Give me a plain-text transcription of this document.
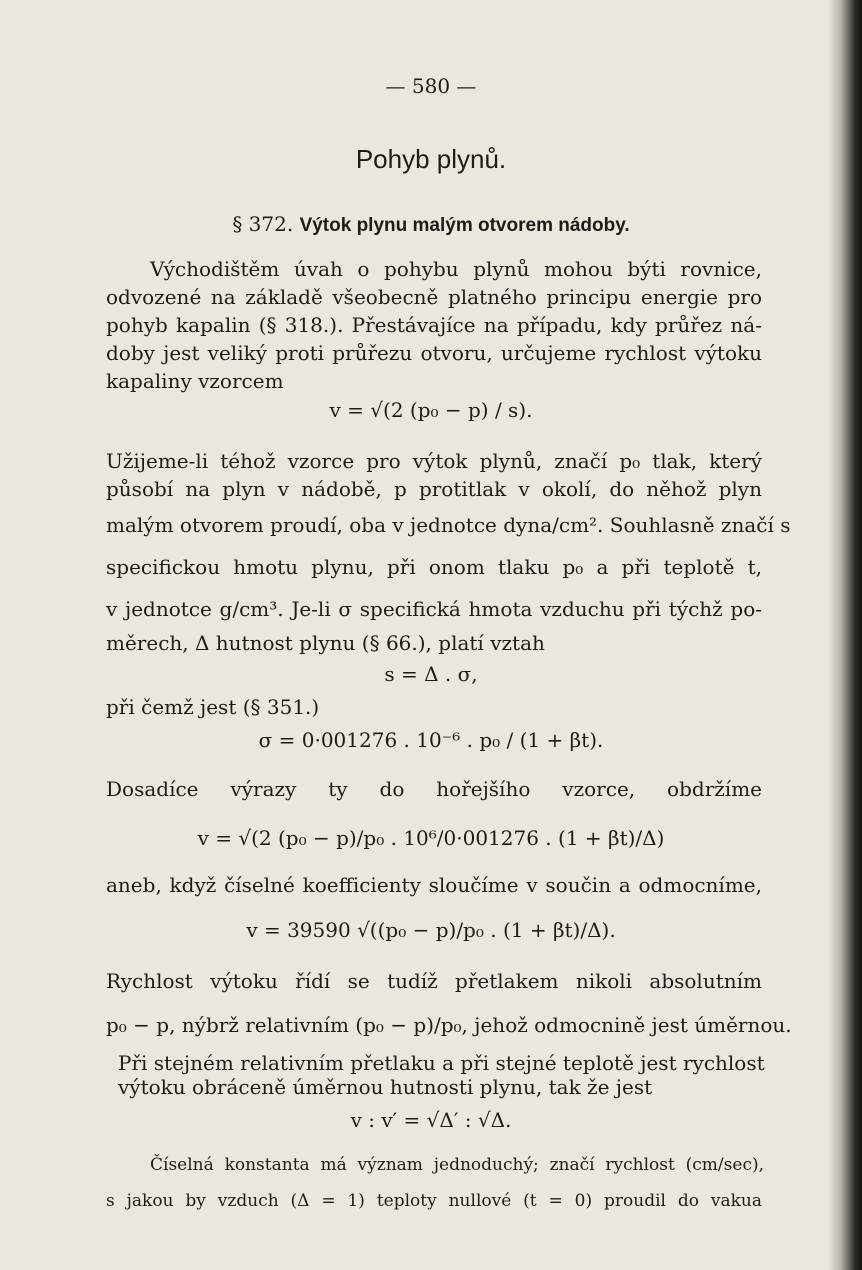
— 580 —
Pohyb plynů.
§ 372. Výtok plynu malým otvorem nádoby.
Východištěm úvah o pohybu plynů mohou býti rovnice,
odvozené na základě všeobecně platného principu energie pro
pohyb kapalin (§ 318.). Přestávajíce na případu, kdy průřez ná-
doby jest veliký proti průřezu otvoru, určujeme rychlost výtoku
kapaliny vzorcem
v = √(2 (p₀ − p) / s).
Užijeme-li téhož vzorce pro výtok plynů, značí p₀ tlak, který
působí na plyn v nádobě, p protitlak v okolí, do něhož plyn
malým otvorem proudí, oba v jednotce dyna/cm². Souhlasně značí s
specifickou hmotu plynu, při onom tlaku p₀ a při teplotě t,
v jednotce g/cm³. Je-li σ specifická hmota vzduchu při týchž po-
měrech, Δ hutnost plynu (§ 66.), platí vztah
s = Δ . σ,
při čemž jest (§ 351.)
σ = 0·001276 . 10⁻⁶ . p₀ / (1 + βt).
Dosadíce výrazy ty do hořejšího vzorce, obdržíme
v = √(2 (p₀ − p)/p₀ . 10⁶/0·001276 . (1 + βt)/Δ)
aneb, když číselné koefficienty sloučíme v součin a odmocníme,
v = 39590 √((p₀ − p)/p₀ . (1 + βt)/Δ).
Rychlost výtoku řídí se tudíž přetlakem nikoli absolutním
p₀ − p, nýbrž relativním (p₀ − p)/p₀, jehož odmocnině jest úměrnou.
Při stejném relativním přetlaku a při stejné teplotě jest rychlost
výtoku obráceně úměrnou hutnosti plynu, tak že jest
v : v′ = √Δ′ : √Δ.
Číselná konstanta má význam jednoduchý; značí rychlost (cm/sec),
s jakou by vzduch (Δ = 1) teploty nullové (t = 0) proudil do vakua
